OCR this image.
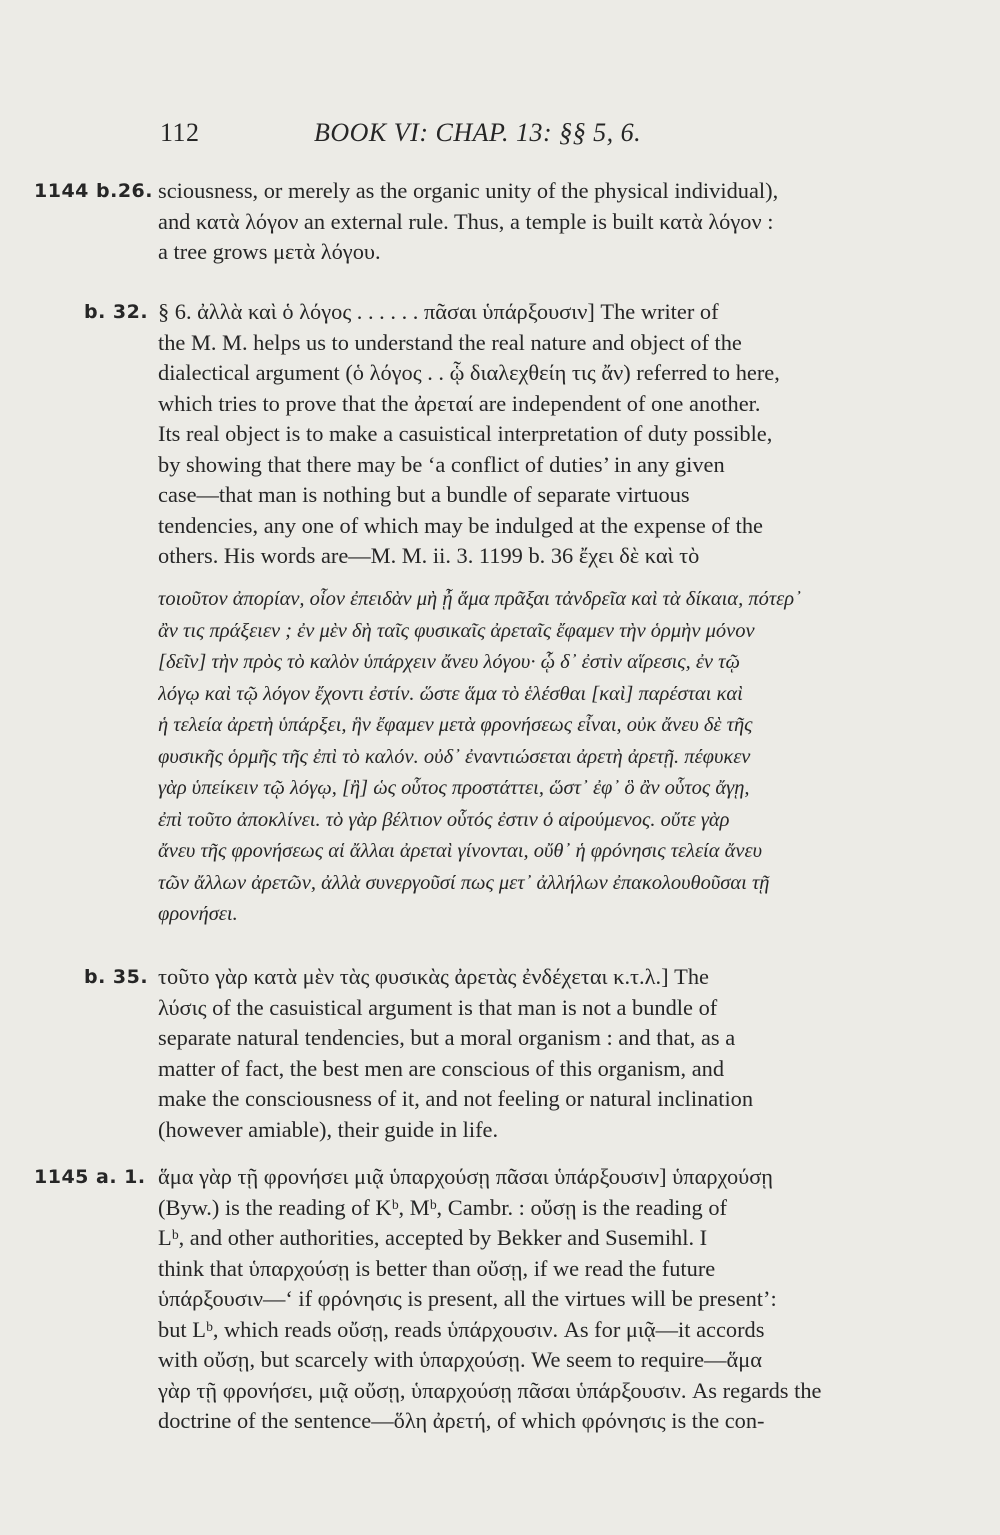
112	BOOK VI: CHAP. 13: §§ 5, 6.
1144 b.26. sciousness, or merely as the organic unity of the physical individual),
and κατὰ λόγον an external rule. Thus, a temple is built κατὰ λόγον :
a tree grows μετὰ λόγου.
b. 32. § 6. ἀλλὰ καὶ ὁ λόγος . . . . . . πᾶσαι ὑπάρξουσιν] The writer of
the M. M. helps us to understand the real nature and object of the
dialectical argument (ὁ λόγος . . ᾧ διαλεχθείη τις ἄν) referred to here,
which tries to prove that the ἀρεταί are independent of one another.
Its real object is to make a casuistical interpretation of duty possible,
by showing that there may be ‘a conflict of duties’ in any given
case—that man is nothing but a bundle of separate virtuous
tendencies, any one of which may be indulged at the expense of the
others. His words are—M. M. ii. 3. 1199 b. 36 ἔχει δὲ καὶ τὸ
τοιοῦτον ἀπορίαν, οἷον ἐπειδὰν μὴ ᾖ ἅμα πρᾶξαι τἀνδρεῖα καὶ τὰ δίκαια, πότερ᾽
ἂν τις πράξειεν ; ἐν μὲν δὴ ταῖς φυσικαῖς ἀρεταῖς ἔφαμεν τὴν ὁρμὴν μόνον
[δεῖν] τὴν πρὸς τὸ καλὸν ὑπάρχειν ἄνευ λόγου· ᾧ δ᾽ ἐστὶν αἵρεσις, ἐν τῷ
λόγῳ καὶ τῷ λόγον ἔχοντι ἐστίν. ὥστε ἅμα τὸ ἑλέσθαι [καὶ] παρέσται καὶ
ἡ τελεία ἀρετὴ ὑπάρξει, ἣν ἔφαμεν μετὰ φρονήσεως εἶναι, οὐκ ἄνευ δὲ τῆς
φυσικῆς ὁρμῆς τῆς ἐπὶ τὸ καλόν. οὐδ᾽ ἐναντιώσεται ἀρετὴ ἀρετῇ. πέφυκεν
γὰρ ὑπείκειν τῷ λόγῳ, [ἢ] ὡς οὗτος προστάττει, ὥστ᾽ ἐφ᾽ ὃ ἂν οὗτος ἄγῃ,
ἐπὶ τοῦτο ἀποκλίνει. τὸ γὰρ βέλτιον οὗτός ἐστιν ὁ αἱρούμενος. οὔτε γὰρ
ἄνευ τῆς φρονήσεως αἱ ἄλλαι ἀρεταὶ γίνονται, οὔθ᾽ ἡ φρόνησις τελεία ἄνευ
τῶν ἄλλων ἀρετῶν, ἀλλὰ συνεργοῦσί πως μετ᾽ ἀλλήλων ἐπακολουθοῦσαι τῇ
φρονήσει.
b. 35. τοῦτο γὰρ κατὰ μὲν τὰς φυσικὰς ἀρετὰς ἐνδέχεται κ.τ.λ.] The
λύσις of the casuistical argument is that man is not a bundle of
separate natural tendencies, but a moral organism : and that, as a
matter of fact, the best men are conscious of this organism, and
make the consciousness of it, and not feeling or natural inclination
(however amiable), their guide in life.
1145 a. 1. ἅμα γὰρ τῇ φρονήσει μιᾷ ὑπαρχούσῃ πᾶσαι ὑπάρξουσιν] ὑπαρχούσῃ
(Byw.) is the reading of Kᵇ, Mᵇ, Cambr. : οὔσῃ is the reading of
Lᵇ, and other authorities, accepted by Bekker and Susemihl. I
think that ὑπαρχούσῃ is better than οὔσῃ, if we read the future
ὑπάρξουσιν—‘ if φρόνησις is present, all the virtues will be present’:
but Lᵇ, which reads οὔσῃ, reads ὑπάρχουσιν. As for μιᾷ—it accords
with οὔσῃ, but scarcely with ὑπαρχούσῃ. We seem to require—ἅμα
γὰρ τῇ φρονήσει, μιᾷ οὔσῃ, ὑπαρχούσῃ πᾶσαι ὑπάρξουσιν. As regards the
doctrine of the sentence—ὅλη ἀρετή, of which φρόνησις is the con-
